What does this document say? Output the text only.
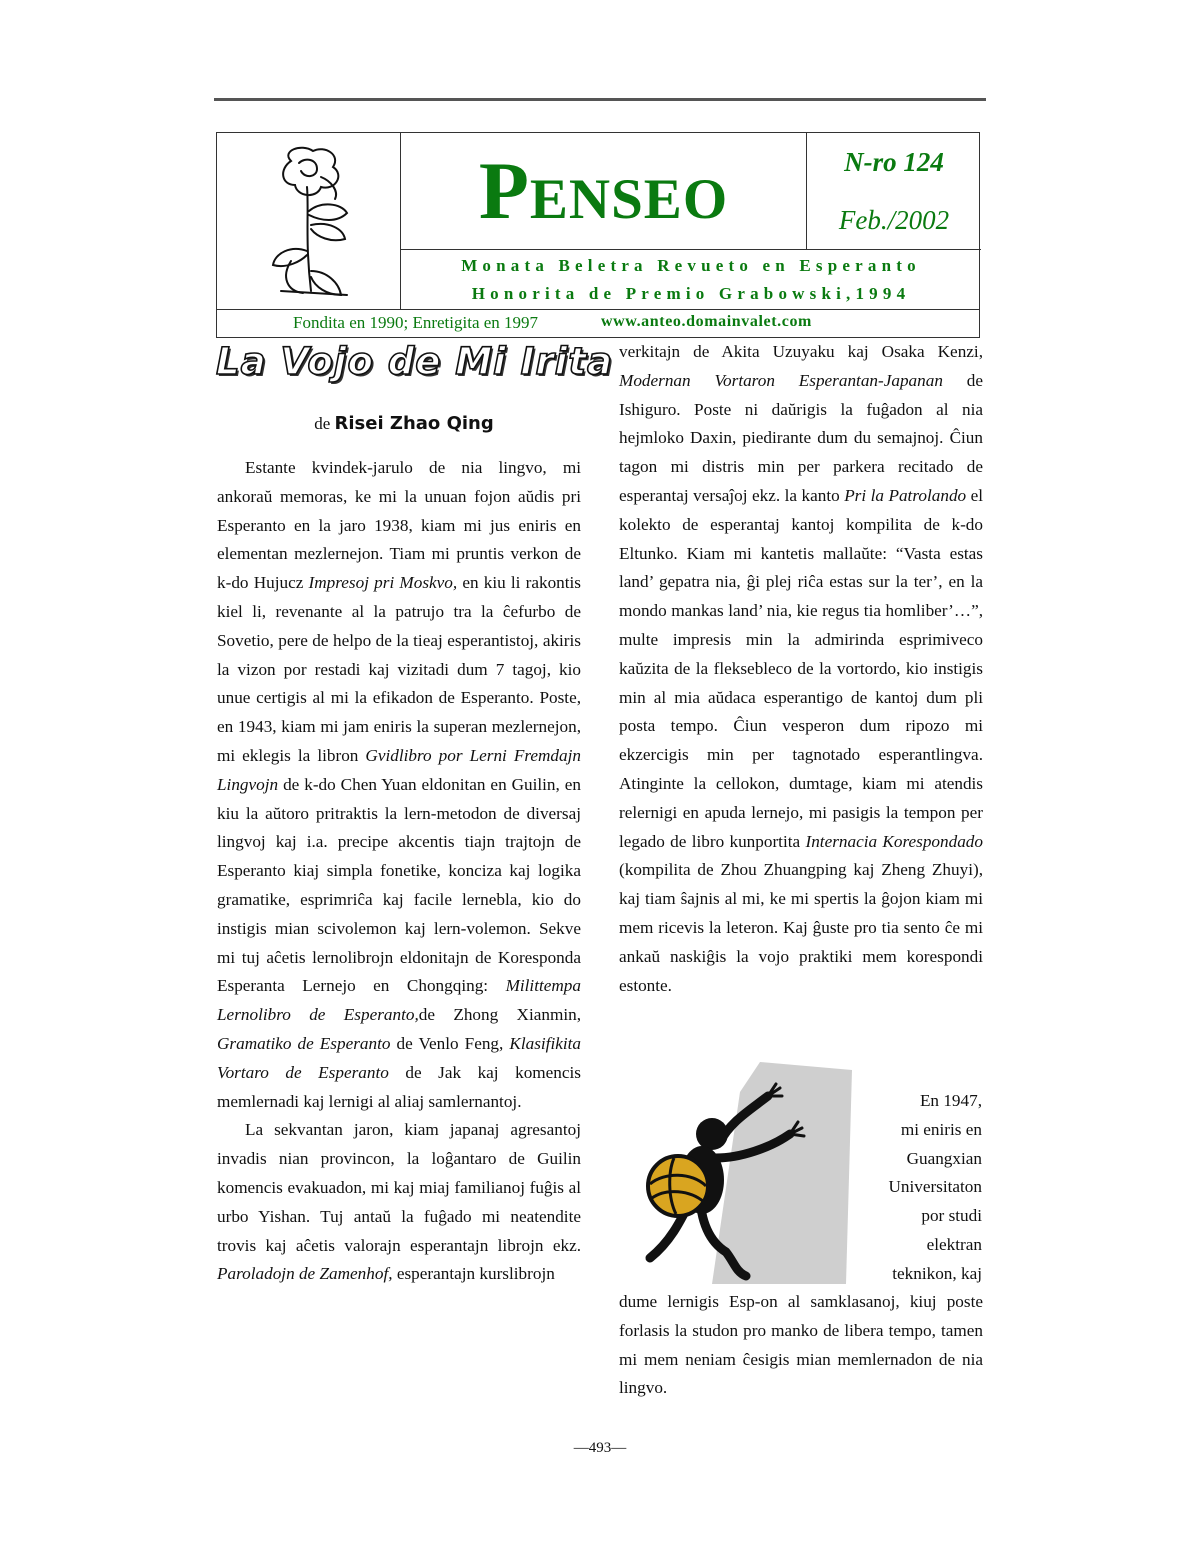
Penseo	N-ro 124
Feb./2002
Monata Beletra Revueto en Esperanto
Honorita de Premio Grabowski,1994
Fondita en 1990; Enretigita en 1997	www.anteo.domainvalet.com
La Vojo de Mi Irita
de Risei Zhao Qing

Estante kvindek-jarulo de nia lingvo, mi ankoraŭ memoras, ke mi la unuan fojon aŭdis pri Esperanto en la jaro 1938, kiam mi jus eniris en elementan mezlernejon. Tiam mi pruntis verkon de k-do Hujucz Impresoj pri Moskvo, en kiu li rakontis kiel li, revenante al la patrujo tra la ĉefurbo de Sovetio, pere de helpo de la tieaj esperantistoj, akiris la vizon por restadi kaj vizitadi dum 7 tagoj, kio unue certigis al mi la efikadon de Esperanto. Poste, en 1943, kiam mi jam eniris la superan mezlernejon, mi eklegis la libron Gvidlibro por Lerni Fremdajn Lingvojn de k-do Chen Yuan eldonitan en Guilin, en kiu la aŭtoro pritraktis la lern-metodon de diversaj lingvoj kaj i.a. precipe akcentis tiajn trajtojn de Esperanto kiaj simpla fonetike, konciza kaj logika gramatike, esprimriĉa kaj facile lernebla, kio do instigis mian scivolemon kaj lern-volemon. Sekve mi tuj aĉetis lernolibrojn eldonitajn de Koresponda Esperanta Lernejo en Chongqing: Milittempa Lernolibro de Esperanto,de Zhong Xianmin, Gramatiko de Esperanto de Venlo Feng, Klasifikita Vortaro de Esperanto de Jak kaj komencis memlernadi kaj lernigi al aliaj samlernantoj.

La sekvantan jaron, kiam japanaj agresantoj invadis nian provincon, la loĝantaro de Guilin komencis evakuadon, mi kaj miaj familianoj fuĝis al urbo Yishan. Tuj antaŭ la fuĝado mi neatendite trovis kaj aĉetis valorajn esperantajn librojn ekz. Paroladojn de Zamenhof, esperantajn kurslibrojn

verkitajn de Akita Uzuyaku kaj Osaka Kenzi, Modernan Vortaron Esperantan-Japanan de Ishiguro. Poste ni daŭrigis la fuĝadon al nia hejmloko Daxin, piedirante dum du semajnoj. Ĉiun tagon mi distris min per parkera recitado de esperantaj versaĵoj ekz. la kanto Pri la Patrolando el kolekto de esperantaj kantoj kompilita de k-do Eltunko. Kiam mi kantetis mallaŭte: “Vasta estas land’ gepatra nia, ĝi plej riĉa estas sur la ter’, en la mondo mankas land’ nia, kie regus tia homliber’…”, multe impresis min la admirinda esprimiveco kaŭzita de la flekseblecο de la vortordo, kio instigis min al mia aŭdaca esperantigo de kantoj dum pli posta tempo. Ĉiun vesperon dum ripozo mi ekzercigis min per tagnotado esperantlingva. Atinginte la cellokon, dumtage, kiam mi atendis relernigi en apuda lernejo, mi pasigis la tempon per legado de libro kunportita Internacia Korespondado (kompilita de Zhou Zhuangping kaj Zheng Zhuyi), kaj tiam ŝajnis al mi, ke mi spertis la ĝojon kiam mi mem ricevis la leteron. Kaj ĝuste pro tia sento ĉe mi ankaŭ naskiĝis la vojo praktiki mem korespondi estonte.

En 1947,
mi eniris en
Guangxian
Universitaton
por studi
elektran
teknikon, kaj

dume lernigis Esp-on al samklasanoj, kiuj poste forlasis la studon pro manko de libera tempo, tamen mi mem neniam ĉesigis mian memlernadon de nia lingvo.

—493—
